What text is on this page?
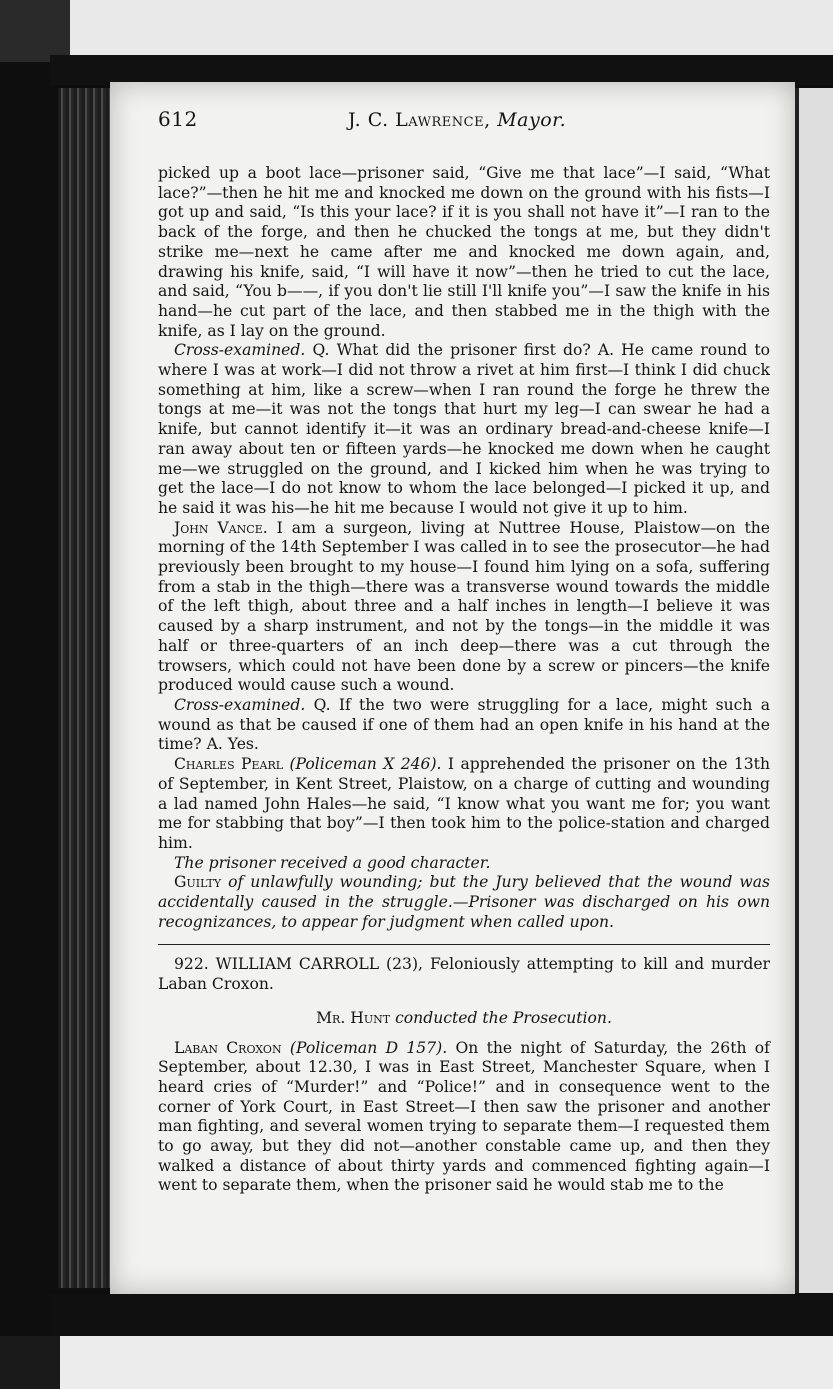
612	J. C. Lawrence, Mayor.

picked up a boot lace—prisoner said, “Give me that lace”—I said, “What lace?”—then he hit me and knocked me down on the ground with his fists—I got up and said, “Is this your lace? if it is you shall not have it”—I ran to the back of the forge, and then he chucked the tongs at me, but they didn't strike me—next he came after me and knocked me down again, and, drawing his knife, said, “I will have it now”—then he tried to cut the lace, and said, “You b——, if you don't lie still I'll knife you”—I saw the knife in his hand—he cut part of the lace, and then stabbed me in the thigh with the knife, as I lay on the ground.

Cross-examined. Q. What did the prisoner first do? A. He came round to where I was at work—I did not throw a rivet at him first—I think I did chuck something at him, like a screw—when I ran round the forge he threw the tongs at me—it was not the tongs that hurt my leg—I can swear he had a knife, but cannot identify it—it was an ordinary bread-and-cheese knife—I ran away about ten or fifteen yards—he knocked me down when he caught me—we struggled on the ground, and I kicked him when he was trying to get the lace—I do not know to whom the lace belonged—I picked it up, and he said it was his—he hit me because I would not give it up to him.

John Vance. I am a surgeon, living at Nuttree House, Plaistow—on the morning of the 14th September I was called in to see the prosecutor—he had previously been brought to my house—I found him lying on a sofa, suffering from a stab in the thigh—there was a transverse wound towards the middle of the left thigh, about three and a half inches in length—I believe it was caused by a sharp instrument, and not by the tongs—in the middle it was half or three-quarters of an inch deep—there was a cut through the trowsers, which could not have been done by a screw or pincers—the knife produced would cause such a wound.

Cross-examined. Q. If the two were struggling for a lace, might such a wound as that be caused if one of them had an open knife in his hand at the time? A. Yes.

Charles Pearl (Policeman X 246). I apprehended the prisoner on the 13th of September, in Kent Street, Plaistow, on a charge of cutting and wounding a lad named John Hales—he said, “I know what you want me for; you want me for stabbing that boy”—I then took him to the police-station and charged him.

The prisoner received a good character.

Guilty of unlawfully wounding; but the Jury believed that the wound was accidentally caused in the struggle.—Prisoner was discharged on his own recognizances, to appear for judgment when called upon.

922. WILLIAM CARROLL (23), Feloniously attempting to kill and murder Laban Croxon.

Mr. Hunt conducted the Prosecution.

Laban Croxon (Policeman D 157). On the night of Saturday, the 26th of September, about 12.30, I was in East Street, Manchester Square, when I heard cries of “Murder!” and “Police!” and in consequence went to the corner of York Court, in East Street—I then saw the prisoner and another man fighting, and several women trying to separate them—I requested them to go away, but they did not—another constable came up, and then they walked a distance of about thirty yards and commenced fighting again—I went to separate them, when the prisoner said he would stab me to the
